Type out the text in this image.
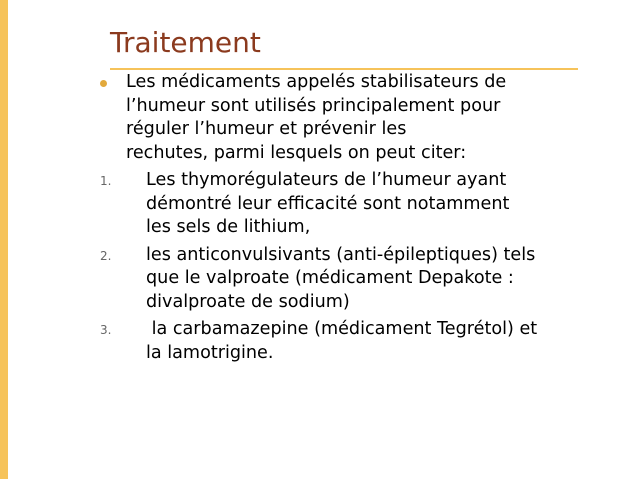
Traitement
Les médicaments appelés stabilisateurs de
l’humeur sont utilisés principalement pour
réguler l’humeur et prévenir les
rechutes, parmi lesquels on peut citer:
1.	Les thymorégulateurs de l’humeur ayant
démontré leur efficacité sont notamment
les sels de lithium,
2.	les anticonvulsivants (anti-épileptiques) tels
que le valproate (médicament Depakote :
divalproate de sodium)
3.	la carbamazepine (médicament Tegrétol) et
la lamotrigine.
